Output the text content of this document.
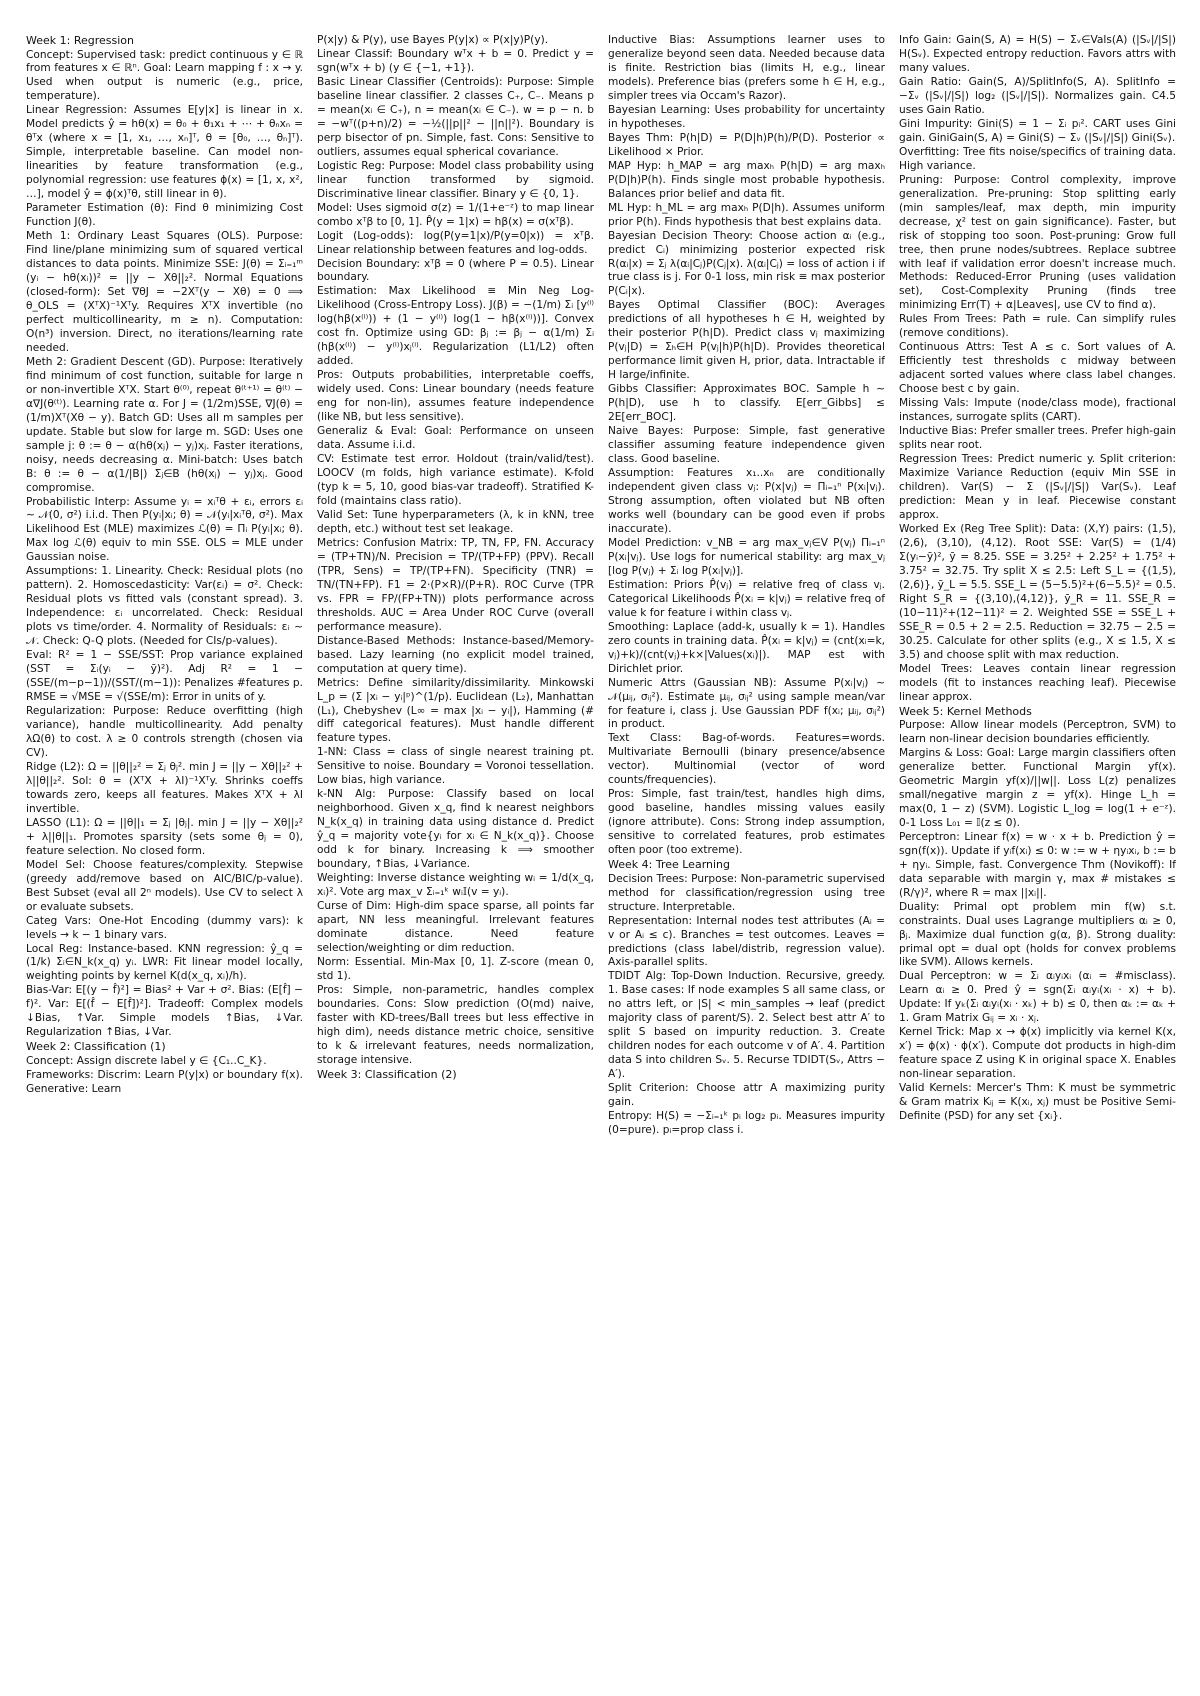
Week 1: Regression

Concept: Supervised task: predict continuous y ∈ ℝ from features x ∈ ℝⁿ. Goal: Learn mapping f : x → y. Used when output is numeric (e.g., price, temperature).

Linear Regression: Assumes E[y|x] is linear in x. Model predicts ŷ = hθ(x) = θ₀ + θ₁x₁ + ⋯ + θₙxₙ = θᵀx (where x = [1, x₁, …, xₙ]ᵀ, θ = [θ₀, …, θₙ]ᵀ). Simple, interpretable baseline. Can model non-linearities by feature transformation (e.g., polynomial regression: use features ϕ(x) = [1, x, x², …], model ŷ = ϕ(x)ᵀθ, still linear in θ).

Parameter Estimation (θ): Find θ minimizing Cost Function J(θ).

Meth 1: Ordinary Least Squares (OLS). Purpose: Find line/plane minimizing sum of squared vertical distances to data points. Minimize SSE: J(θ) = Σᵢ₌₁ᵐ (yᵢ − hθ(xᵢ))² = ||y − Xθ||₂². Normal Equations (closed-form): Set ∇θJ = −2Xᵀ(y − Xθ) = 0 ⟹ θ_OLS = (XᵀX)⁻¹Xᵀy. Requires XᵀX invertible (no perfect multicollinearity, m ≥ n). Computation: O(n³) inversion. Direct, no iterations/learning rate needed.

Meth 2: Gradient Descent (GD). Purpose: Iteratively find minimum of cost function, suitable for large n or non-invertible XᵀX. Start θ⁽⁰⁾, repeat θ⁽ᵗ⁺¹⁾ = θ⁽ᵗ⁾ − α∇J(θ⁽ᵗ⁾). Learning rate α. For J = (1/2m)SSE, ∇J(θ) = (1/m)Xᵀ(Xθ − y). Batch GD: Uses all m samples per update. Stable but slow for large m. SGD: Uses one sample j: θ := θ − α(hθ(xⱼ) − yⱼ)xⱼ. Faster iterations, noisy, needs decreasing α. Mini-batch: Uses batch B: θ := θ − α(1/|B|) Σⱼ∈B (hθ(xⱼ) − yⱼ)xⱼ. Good compromise.

Probabilistic Interp: Assume yᵢ = xᵢᵀθ + εᵢ, errors εᵢ ∼ 𝒩(0, σ²) i.i.d. Then P(yᵢ|xᵢ; θ) = 𝒩(yᵢ|xᵢᵀθ, σ²). Max Likelihood Est (MLE) maximizes ℒ(θ) = Πᵢ P(yᵢ|xᵢ; θ). Max log ℒ(θ) equiv to min SSE. OLS = MLE under Gaussian noise.

Assumptions: 1. Linearity. Check: Residual plots (no pattern). 2. Homoscedasticity: Var(εᵢ) = σ². Check: Residual plots vs fitted vals (constant spread). 3. Independence: εᵢ uncorrelated. Check: Residual plots vs time/order. 4. Normality of Residuals: εᵢ ∼ 𝒩. Check: Q-Q plots. (Needed for CIs/p-values).

Eval: R² = 1 − SSE/SST: Prop variance explained (SST = Σᵢ(yᵢ − ȳ)²). Adj R² = 1 − (SSE/(m−p−1))/(SST/(m−1)): Penalizes #features p. RMSE = √MSE = √(SSE/m): Error in units of y.

Regularization: Purpose: Reduce overfitting (high variance), handle multicollinearity. Add penalty λΩ(θ) to cost. λ ≥ 0 controls strength (chosen via CV).

Ridge (L2): Ω = ||θ||₂² = Σⱼ θⱼ². min J = ||y − Xθ||₂² + λ||θ||₂². Sol: θ = (XᵀX + λI)⁻¹Xᵀy. Shrinks coeffs towards zero, keeps all features. Makes XᵀX + λI invertible.

LASSO (L1): Ω = ||θ||₁ = Σⱼ |θⱼ|. min J = ||y − Xθ||₂² + λ||θ||₁. Promotes sparsity (sets some θⱼ = 0), feature selection. No closed form.

Model Sel: Choose features/complexity. Stepwise (greedy add/remove based on AIC/BIC/p-value). Best Subset (eval all 2ⁿ models). Use CV to select λ or evaluate subsets.

Categ Vars: One-Hot Encoding (dummy vars): k levels → k − 1 binary vars.

Local Reg: Instance-based. KNN regression: ŷ_q = (1/k) Σᵢ∈N_k(x_q) yᵢ. LWR: Fit linear model locally, weighting points by kernel K(d(x_q, xᵢ)/h).

Bias-Var: E[(y − f̂)²] = Bias² + Var + σ². Bias: (E[f̂] − f)². Var: E[(f̂ − E[f̂])²]. Tradeoff: Complex models ↓Bias, ↑Var. Simple models ↑Bias, ↓Var. Regularization ↑Bias, ↓Var.

Week 2: Classification (1)

Concept: Assign discrete label y ∈ {C₁..C_K}.

Frameworks: Discrim: Learn P(y|x) or boundary f(x). Generative: Learn

P(x|y) & P(y), use Bayes P(y|x) ∝ P(x|y)P(y).

Linear Classif: Boundary wᵀx + b = 0. Predict y = sgn(wᵀx + b) (y ∈ {−1, +1}).

Basic Linear Classifier (Centroids): Purpose: Simple baseline linear classifier. 2 classes C₊, C₋. Means p = mean(xᵢ ∈ C₊), n = mean(xᵢ ∈ C₋). w = p − n. b = −wᵀ((p+n)/2) = −½(||p||² − ||n||²). Boundary is perp bisector of pn. Simple, fast. Cons: Sensitive to outliers, assumes equal spherical covariance.

Logistic Reg: Purpose: Model class probability using linear function transformed by sigmoid. Discriminative linear classifier. Binary y ∈ {0, 1}.

Model: Uses sigmoid σ(z) = 1/(1+e⁻ᶻ) to map linear combo xᵀβ to [0, 1]. P̂(y = 1|x) = hβ(x) = σ(xᵀβ).

Logit (Log-odds): log(P(y=1|x)/P(y=0|x)) = xᵀβ. Linear relationship between features and log-odds.

Decision Boundary: xᵀβ = 0 (where P = 0.5). Linear boundary.

Estimation: Max Likelihood ≡ Min Neg Log-Likelihood (Cross-Entropy Loss). J(β) = −(1/m) Σᵢ [y⁽ⁱ⁾ log(hβ(x⁽ⁱ⁾)) + (1 − y⁽ⁱ⁾) log(1 − hβ(x⁽ⁱ⁾))]. Convex cost fn. Optimize using GD: βⱼ := βⱼ − α(1/m) Σᵢ (hβ(x⁽ⁱ⁾) − y⁽ⁱ⁾)xⱼ⁽ⁱ⁾. Regularization (L1/L2) often added.

Pros: Outputs probabilities, interpretable coeffs, widely used. Cons: Linear boundary (needs feature eng for non-lin), assumes feature independence (like NB, but less sensitive).

Generaliz & Eval: Goal: Performance on unseen data. Assume i.i.d.

CV: Estimate test error. Holdout (train/valid/test). LOOCV (m folds, high variance estimate). K-fold (typ k = 5, 10, good bias-var tradeoff). Stratified K-fold (maintains class ratio).

Valid Set: Tune hyperparameters (λ, k in kNN, tree depth, etc.) without test set leakage.

Metrics: Confusion Matrix: TP, TN, FP, FN. Accuracy = (TP+TN)/N. Precision = TP/(TP+FP) (PPV). Recall (TPR, Sens) = TP/(TP+FN). Specificity (TNR) = TN/(TN+FP). F1 = 2·(P×R)/(P+R). ROC Curve (TPR vs. FPR = FP/(FP+TN)) plots performance across thresholds. AUC = Area Under ROC Curve (overall performance measure).

Distance-Based Methods: Instance-based/Memory-based. Lazy learning (no explicit model trained, computation at query time).

Metrics: Define similarity/dissimilarity. Minkowski L_p = (Σ |xᵢ − yᵢ|ᵖ)^(1/p). Euclidean (L₂), Manhattan (L₁), Chebyshev (L∞ = max |xᵢ − yᵢ|), Hamming (# diff categorical features). Must handle different feature types.

1-NN: Class = class of single nearest training pt. Sensitive to noise. Boundary = Voronoi tessellation. Low bias, high variance.

k-NN Alg: Purpose: Classify based on local neighborhood. Given x_q, find k nearest neighbors N_k(x_q) in training data using distance d. Predict ŷ_q = majority vote{yᵢ for xᵢ ∈ N_k(x_q)}. Choose odd k for binary. Increasing k ⟹ smoother boundary, ↑Bias, ↓Variance.

Weighting: Inverse distance weighting wᵢ = 1/d(x_q, xᵢ)². Vote arg max_v Σᵢ₌₁ᵏ wᵢ𝕀(v = yᵢ).

Curse of Dim: High-dim space sparse, all points far apart, NN less meaningful. Irrelevant features dominate distance. Need feature selection/weighting or dim reduction.

Norm: Essential. Min-Max [0, 1]. Z-score (mean 0, std 1).

Pros: Simple, non-parametric, handles complex boundaries. Cons: Slow prediction (O(md) naive, faster with KD-trees/Ball trees but less effective in high dim), needs distance metric choice, sensitive to k & irrelevant features, needs normalization, storage intensive.

Week 3: Classification (2)

Inductive Bias: Assumptions learner uses to generalize beyond seen data. Needed because data is finite. Restriction bias (limits H, e.g., linear models). Preference bias (prefers some h ∈ H, e.g., simpler trees via Occam's Razor).

Bayesian Learning: Uses probability for uncertainty in hypotheses.

Bayes Thm: P(h|D) = P(D|h)P(h)/P(D). Posterior ∝ Likelihood × Prior.

MAP Hyp: h_MAP = arg maxₕ P(h|D) = arg maxₕ P(D|h)P(h). Finds single most probable hypothesis. Balances prior belief and data fit.

ML Hyp: h_ML = arg maxₕ P(D|h). Assumes uniform prior P(h). Finds hypothesis that best explains data.

Bayesian Decision Theory: Choose action αᵢ (e.g., predict Cᵢ) minimizing posterior expected risk R(αᵢ|x) = Σⱼ λ(αᵢ|Cⱼ)P(Cⱼ|x). λ(αᵢ|Cⱼ) = loss of action i if true class is j. For 0-1 loss, min risk ≡ max posterior P(Cᵢ|x).

Bayes Optimal Classifier (BOC): Averages predictions of all hypotheses h ∈ H, weighted by their posterior P(h|D). Predict class vⱼ maximizing P(vⱼ|D) = Σₕ∈H P(vⱼ|h)P(h|D). Provides theoretical performance limit given H, prior, data. Intractable if H large/infinite.

Gibbs Classifier: Approximates BOC. Sample h ∼ P(h|D), use h to classify. E[err_Gibbs] ≤ 2E[err_BOC].

Naive Bayes: Purpose: Simple, fast generative classifier assuming feature independence given class. Good baseline.

Assumption: Features x₁..xₙ are conditionally independent given class vⱼ: P(x|vⱼ) = Πᵢ₌₁ⁿ P(xᵢ|vⱼ). Strong assumption, often violated but NB often works well (boundary can be good even if probs inaccurate).

Model Prediction: v_NB = arg max_vⱼ∈V P(vⱼ) Πᵢ₌₁ⁿ P(xᵢ|vⱼ). Use logs for numerical stability: arg max_vⱼ [log P(vⱼ) + Σᵢ log P(xᵢ|vⱼ)].

Estimation: Priors P̂(vⱼ) = relative freq of class vⱼ. Categorical Likelihoods P̂(xᵢ = k|vⱼ) = relative freq of value k for feature i within class vⱼ.

Smoothing: Laplace (add-k, usually k = 1). Handles zero counts in training data. P̂(xᵢ = k|vⱼ) = (cnt(xᵢ=k, vⱼ)+k)/(cnt(vⱼ)+k×|Values(xᵢ)|). MAP est with Dirichlet prior.

Numeric Attrs (Gaussian NB): Assume P(xᵢ|vⱼ) ∼ 𝒩(μᵢⱼ, σᵢⱼ²). Estimate μᵢⱼ, σᵢⱼ² using sample mean/var for feature i, class j. Use Gaussian PDF f(xᵢ; μᵢⱼ, σᵢⱼ²) in product.

Text Class: Bag-of-words. Features=words. Multivariate Bernoulli (binary presence/absence vector). Multinomial (vector of word counts/frequencies).

Pros: Simple, fast train/test, handles high dims, good baseline, handles missing values easily (ignore attribute). Cons: Strong indep assumption, sensitive to correlated features, prob estimates often poor (too extreme).

Week 4: Tree Learning

Decision Trees: Purpose: Non-parametric supervised method for classification/regression using tree structure. Interpretable.

Representation: Internal nodes test attributes (Aᵢ = v or Aᵢ ≤ c). Branches = test outcomes. Leaves = predictions (class label/distrib, regression value). Axis-parallel splits.

TDIDT Alg: Top-Down Induction. Recursive, greedy. 1. Base cases: If node examples S all same class, or no attrs left, or |S| < min_samples → leaf (predict majority class of parent/S). 2. Select best attr A′ to split S based on impurity reduction. 3. Create children nodes for each outcome v of A′. 4. Partition data S into children Sᵥ. 5. Recurse TDIDT(Sᵥ, Attrs − A′).

Split Criterion: Choose attr A maximizing purity gain.

Entropy: H(S) = −Σᵢ₌₁ᵏ pᵢ log₂ pᵢ. Measures impurity (0=pure). pᵢ=prop class i.

Info Gain: Gain(S, A) = H(S) − Σᵥ∈Vals(A) (|Sᵥ|/|S|) H(Sᵥ). Expected entropy reduction. Favors attrs with many values.

Gain Ratio: Gain(S, A)/SplitInfo(S, A). SplitInfo = −Σᵥ (|Sᵥ|/|S|) log₂ (|Sᵥ|/|S|). Normalizes gain. C4.5 uses Gain Ratio.

Gini Impurity: Gini(S) = 1 − Σᵢ pᵢ². CART uses Gini gain. GiniGain(S, A) = Gini(S) − Σᵥ (|Sᵥ|/|S|) Gini(Sᵥ).

Overfitting: Tree fits noise/specifics of training data. High variance.

Pruning: Purpose: Control complexity, improve generalization. Pre-pruning: Stop splitting early (min samples/leaf, max depth, min impurity decrease, χ² test on gain significance). Faster, but risk of stopping too soon. Post-pruning: Grow full tree, then prune nodes/subtrees. Replace subtree with leaf if validation error doesn't increase much. Methods: Reduced-Error Pruning (uses validation set), Cost-Complexity Pruning (finds tree minimizing Err(T) + α|Leaves|, use CV to find α).

Rules From Trees: Path = rule. Can simplify rules (remove conditions).

Continuous Attrs: Test A ≤ c. Sort values of A. Efficiently test thresholds c midway between adjacent sorted values where class label changes. Choose best c by gain.

Missing Vals: Impute (node/class mode), fractional instances, surrogate splits (CART).

Inductive Bias: Prefer smaller trees. Prefer high-gain splits near root.

Regression Trees: Predict numeric y. Split criterion: Maximize Variance Reduction (equiv Min SSE in children). Var(S) − Σ (|Sᵥ|/|S|) Var(Sᵥ). Leaf prediction: Mean y in leaf. Piecewise constant approx.

Worked Ex (Reg Tree Split): Data: (X,Y) pairs: (1,5), (2,6), (3,10), (4,12). Root SSE: Var(S) = (1/4) Σ(yᵢ−ȳ)², ȳ = 8.25. SSE = 3.25² + 2.25² + 1.75² + 3.75² = 32.75. Try split X ≤ 2.5: Left S_L = {(1,5),(2,6)}, ȳ_L = 5.5. SSE_L = (5−5.5)²+(6−5.5)² = 0.5. Right S_R = {(3,10),(4,12)}, ȳ_R = 11. SSE_R = (10−11)²+(12−11)² = 2. Weighted SSE = SSE_L + SSE_R = 0.5 + 2 = 2.5. Reduction = 32.75 − 2.5 = 30.25. Calculate for other splits (e.g., X ≤ 1.5, X ≤ 3.5) and choose split with max reduction.

Model Trees: Leaves contain linear regression models (fit to instances reaching leaf). Piecewise linear approx.

Week 5: Kernel Methods

Purpose: Allow linear models (Perceptron, SVM) to learn non-linear decision boundaries efficiently.

Margins & Loss: Goal: Large margin classifiers often generalize better. Functional Margin yf(x). Geometric Margin yf(x)/||w||. Loss L(z) penalizes small/negative margin z = yf(x). Hinge L_h = max(0, 1 − z) (SVM). Logistic L_log = log(1 + e⁻ᶻ). 0-1 Loss L₀₁ = 𝕀(z ≤ 0).

Perceptron: Linear f(x) = w · x + b. Prediction ŷ = sgn(f(x)). Update if yᵢf(xᵢ) ≤ 0: w := w + ηyᵢxᵢ, b := b + ηyᵢ. Simple, fast. Convergence Thm (Novikoff): If data separable with margin γ, max # mistakes ≤ (R/γ)², where R = max ||xᵢ||.

Duality: Primal opt problem min f(w) s.t. constraints. Dual uses Lagrange multipliers αᵢ ≥ 0, βⱼ. Maximize dual function g(α, β). Strong duality: primal opt = dual opt (holds for convex problems like SVM). Allows kernels.

Dual Perceptron: w = Σᵢ αᵢyᵢxᵢ (αᵢ = #misclass). Learn αᵢ ≥ 0. Pred ŷ = sgn(Σᵢ αᵢyᵢ(xᵢ · x) + b). Update: If yₖ(Σᵢ αᵢyᵢ(xᵢ · xₖ) + b) ≤ 0, then αₖ := αₖ + 1. Gram Matrix Gᵢⱼ = xᵢ · xⱼ.

Kernel Trick: Map x → ϕ(x) implicitly via kernel K(x, x′) = ϕ(x) · ϕ(x′). Compute dot products in high-dim feature space Z using K in original space X. Enables non-linear separation.

Valid Kernels: Mercer's Thm: K must be symmetric & Gram matrix Kᵢⱼ = K(xᵢ, xⱼ) must be Positive Semi-Definite (PSD) for any set {xᵢ}.
